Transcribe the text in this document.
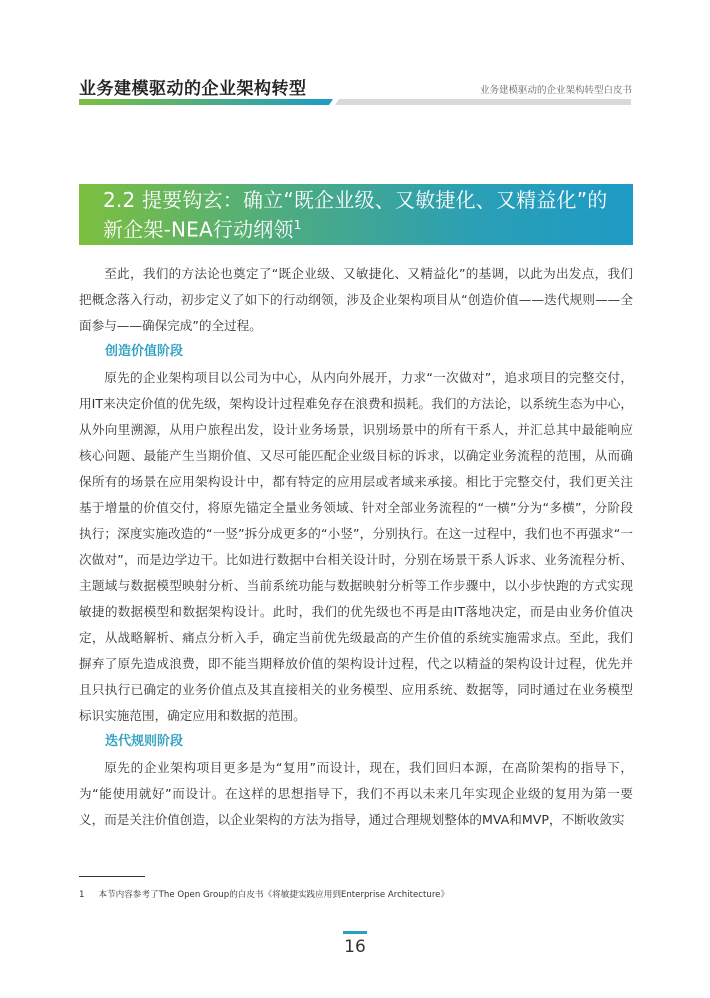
业务建模驱动的企业架构转型	业务建模驱动的企业架构转型白皮书
2.2 提要钩玄：确立“既企业级、又敏捷化、又精益化”的新企架-NEA行动纲领$^1$

至此，我们的方法论也奠定了“既企业级、又敏捷化、又精益化”的基调，以此为出发点，我们把概念落入行动，初步定义了如下的行动纲领，涉及企业架构项目从“创造价值——迭代规则——全面参与——确保完成”的全过程。

创造价值阶段

原先的企业架构项目以公司为中心，从内向外展开，力求“一次做对”，追求项目的完整交付，用IT来决定价值的优先级，架构设计过程难免存在浪费和损耗。我们的方法论，以系统生态为中心，从外向里溯源，从用户旅程出发，设计业务场景，识别场景中的所有干系人，并汇总其中最能响应核心问题、最能产生当期价值、又尽可能匹配企业级目标的诉求，以确定业务流程的范围，从而确保所有的场景在应用架构设计中，都有特定的应用层或者域来承接。相比于完整交付，我们更关注基于增量的价值交付，将原先锚定全量业务领域、针对全部业务流程的“一横”分为“多横”，分阶段执行；深度实施改造的“一竖”拆分成更多的“小竖”，分别执行。在这一过程中，我们也不再强求“一次做对”，而是边学边干。比如进行数据中台相关设计时，分别在场景干系人诉求、业务流程分析、主题域与数据模型映射分析、当前系统功能与数据映射分析等工作步骤中，以小步快跑的方式实现敏捷的数据模型和数据架构设计。此时，我们的优先级也不再是由IT落地决定，而是由业务价值决定，从战略解析、痛点分析入手，确定当前优先级最高的产生价值的系统实施需求点。至此，我们摒弃了原先造成浪费，即不能当期释放价值的架构设计过程，代之以精益的架构设计过程，优先并且只执行已确定的业务价值点及其直接相关的业务模型、应用系统、数据等，同时通过在业务模型标识实施范围，确定应用和数据的范围。

迭代规则阶段

原先的企业架构项目更多是为“复用”而设计，现在，我们回归本源，在高阶架构的指导下，为“能使用就好”而设计。在这样的思想指导下，我们不再以未来几年实现企业级的复用为第一要义，而是关注价值创造，以企业架构的方法为指导，通过合理规划整体的MVA和MVP，不断收敛实

1 本节内容参考了The Open Group的白皮书《将敏捷实践应用到Enterprise Architecture》
16
